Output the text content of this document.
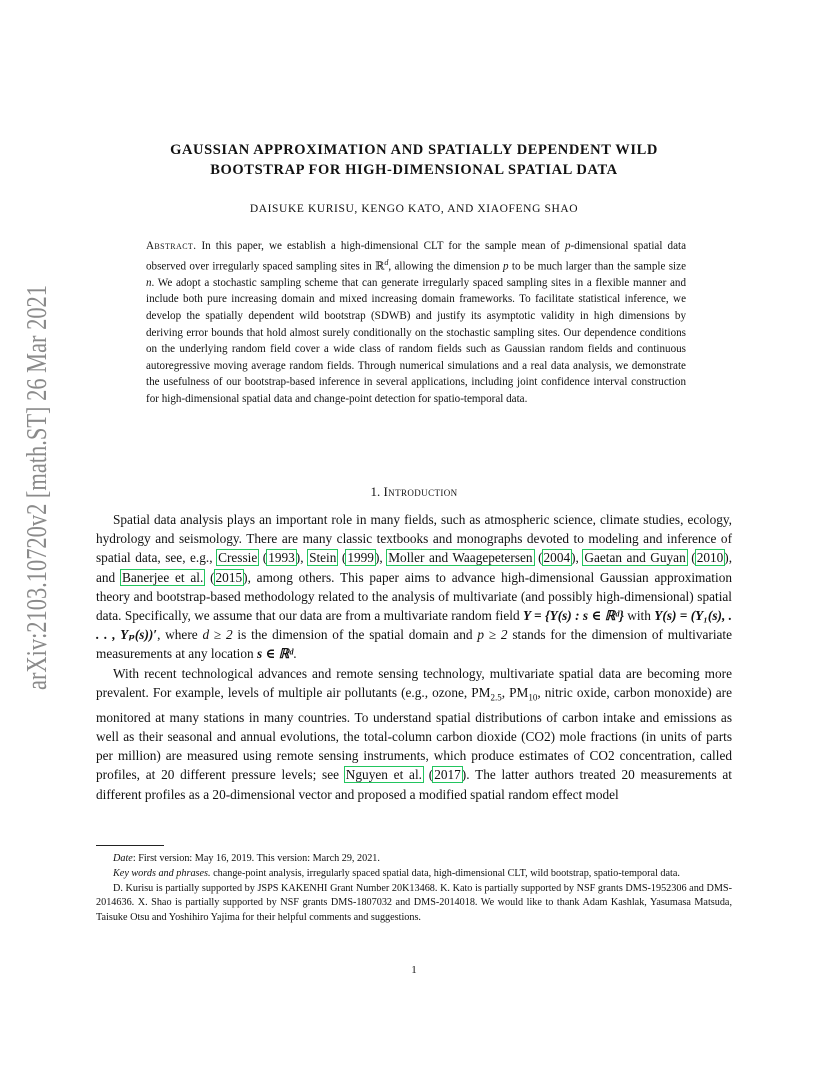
arXiv:2103.10720v2 [math.ST] 26 Mar 2021
GAUSSIAN APPROXIMATION AND SPATIALLY DEPENDENT WILD
BOOTSTRAP FOR HIGH-DIMENSIONAL SPATIAL DATA
DAISUKE KURISU, KENGO KATO, AND XIAOFENG SHAO
Abstract. In this paper, we establish a high-dimensional CLT for the sample mean of p-dimensional spatial data observed over irregularly spaced sampling sites in ℝ$^d$, allowing the dimension p to be much larger than the sample size n. We adopt a stochastic sampling scheme that can generate irregularly spaced sampling sites in a flexible manner and include both pure increasing domain and mixed increasing domain frameworks. To facilitate statistical inference, we develop the spatially dependent wild bootstrap (SDWB) and justify its asymptotic validity in high dimensions by deriving error bounds that hold almost surely conditionally on the stochastic sampling sites. Our dependence conditions on the underlying random field cover a wide class of random fields such as Gaussian random fields and continuous autoregressive moving average random fields. Through numerical simulations and a real data analysis, we demonstrate the usefulness of our bootstrap-based inference in several applications, including joint confidence interval construction for high-dimensional spatial data and change-point detection for spatio-temporal data.
1. Introduction

Spatial data analysis plays an important role in many fields, such as atmospheric science, climate studies, ecology, hydrology and seismology. There are many classic textbooks and monographs devoted to modeling and inference of spatial data, see, e.g., Cressie (1993), Stein (1999), Moller and Waagepetersen (2004), Gaetan and Guyan (2010), and Banerjee et al. (2015), among others. This paper aims to advance high-dimensional Gaussian approximation theory and bootstrap-based methodology related to the analysis of multivariate (and possibly high-dimensional) spatial data. Specifically, we assume that our data are from a multivariate random field Y = {Y(s) : s ∈ ℝᵈ} with Y(s) = (Y₁(s), . . . , Yₚ(s))′, where d ≥ 2 is the dimension of the spatial domain and p ≥ 2 stands for the dimension of multivariate measurements at any location s ∈ ℝᵈ.

With recent technological advances and remote sensing technology, multivariate spatial data are becoming more prevalent. For example, levels of multiple air pollutants (e.g., ozone, $PM_{2.5}$, $PM_{10}$, nitric oxide, carbon monoxide) are monitored at many stations in many countries. To understand spatial distributions of carbon intake and emissions as well as their seasonal and annual evolutions, the total-column carbon dioxide (CO2) mole fractions (in units of parts per million) are measured using remote sensing instruments, which produce estimates of CO2 concentration, called profiles, at 20 different pressure levels; see Nguyen et al. (2017). The latter authors treated 20 measurements at different profiles as a 20-dimensional vector and proposed a modified spatial random effect model

Date: First version: May 16, 2019. This version: March 29, 2021.

Key words and phrases. change-point analysis, irregularly spaced spatial data, high-dimensional CLT, wild bootstrap, spatio-temporal data.

D. Kurisu is partially supported by JSPS KAKENHI Grant Number 20K13468. K. Kato is partially supported by NSF grants DMS-1952306 and DMS-2014636. X. Shao is partially supported by NSF grants DMS-1807032 and DMS-2014018. We would like to thank Adam Kashlak, Yasumasa Matsuda, Taisuke Otsu and Yoshihiro Yajima for their helpful comments and suggestions.

1
